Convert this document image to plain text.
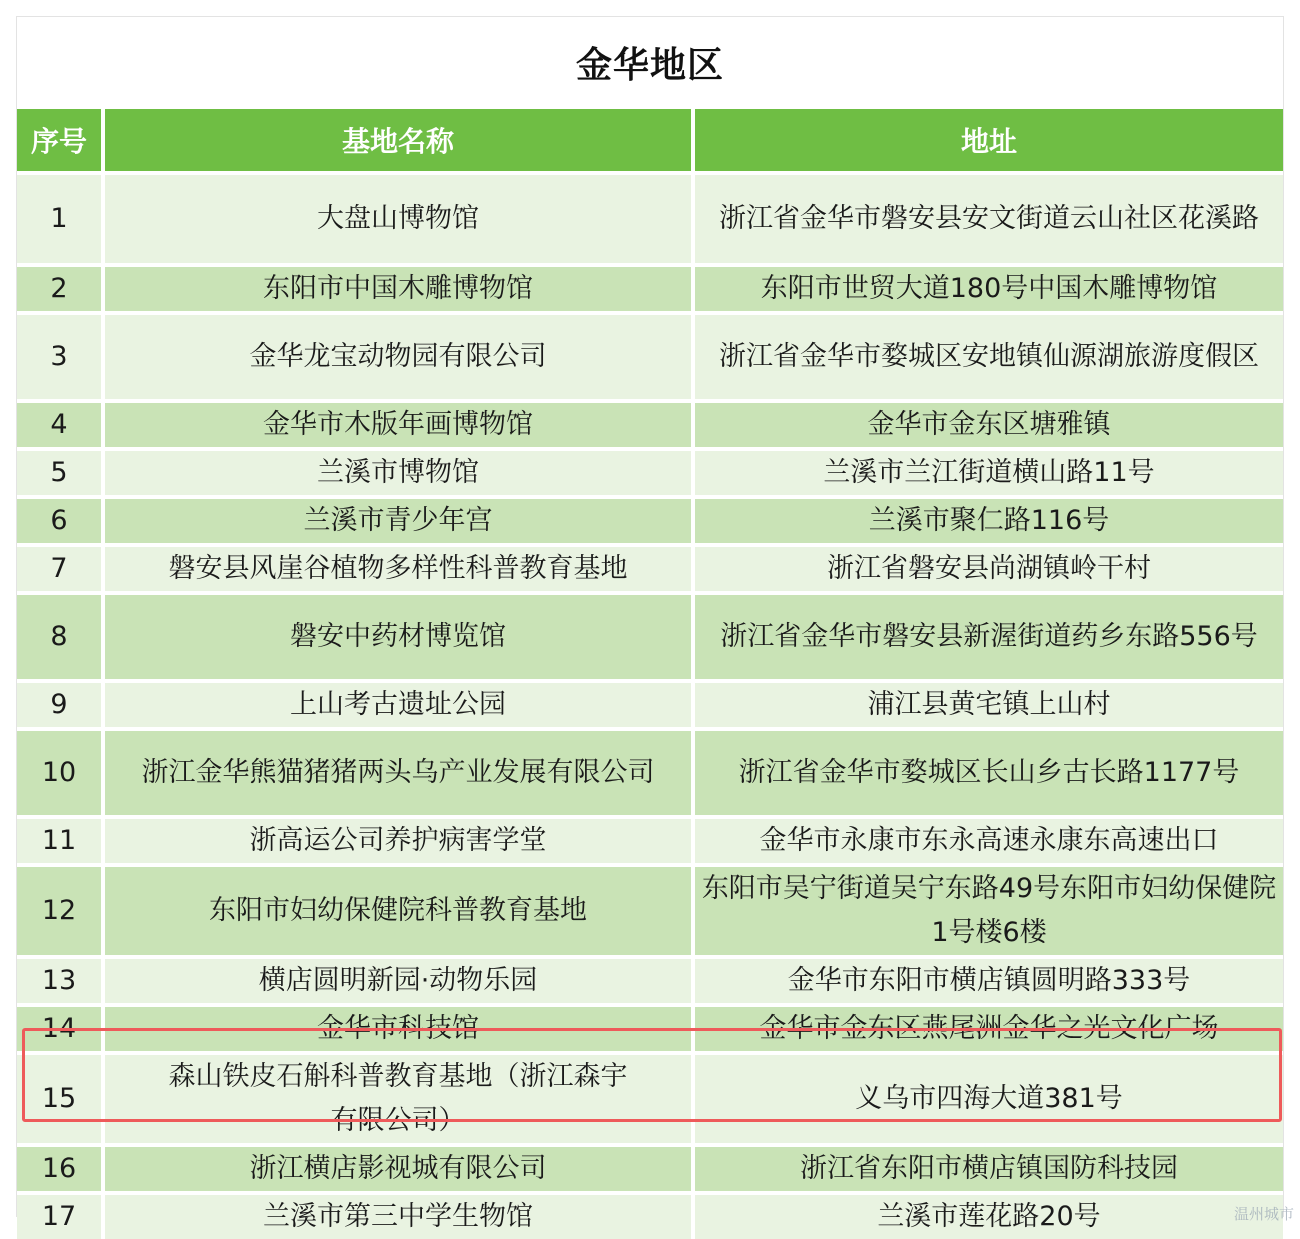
金华地区
序号	基地名称	地址
1	大盘山博物馆	浙江省金华市磐安县安文街道云山社区花溪路
2	东阳市中国木雕博物馆	东阳市世贸大道180号中国木雕博物馆
3	金华龙宝动物园有限公司	浙江省金华市婺城区安地镇仙源湖旅游度假区
4	金华市木版年画博物馆	金华市金东区塘雅镇
5	兰溪市博物馆	兰溪市兰江街道横山路11号
6	兰溪市青少年宫	兰溪市聚仁路116号
7	磐安县风崖谷植物多样性科普教育基地	浙江省磐安县尚湖镇岭干村
8	磐安中药材博览馆	浙江省金华市磐安县新渥街道药乡东路556号
9	上山考古遗址公园	浦江县黄宅镇上山村
10	浙江金华熊猫猪猪两头乌产业发展有限公司	浙江省金华市婺城区长山乡古长路1177号
11	浙高运公司养护病害学堂	金华市永康市东永高速永康东高速出口
12	东阳市妇幼保健院科普教育基地	东阳市吴宁街道吴宁东路49号东阳市妇幼保健院1号楼6楼
13	横店圆明新园·动物乐园	金华市东阳市横店镇圆明路333号
14	金华市科技馆	金华市金东区燕尾洲金华之光文化广场
15	森山铁皮石斛科普教育基地（浙江森宇有限公司）	义乌市四海大道381号
16	浙江横店影视城有限公司	浙江省东阳市横店镇国防科技园
17	兰溪市第三中学生物馆	兰溪市莲花路20号	温州城市
